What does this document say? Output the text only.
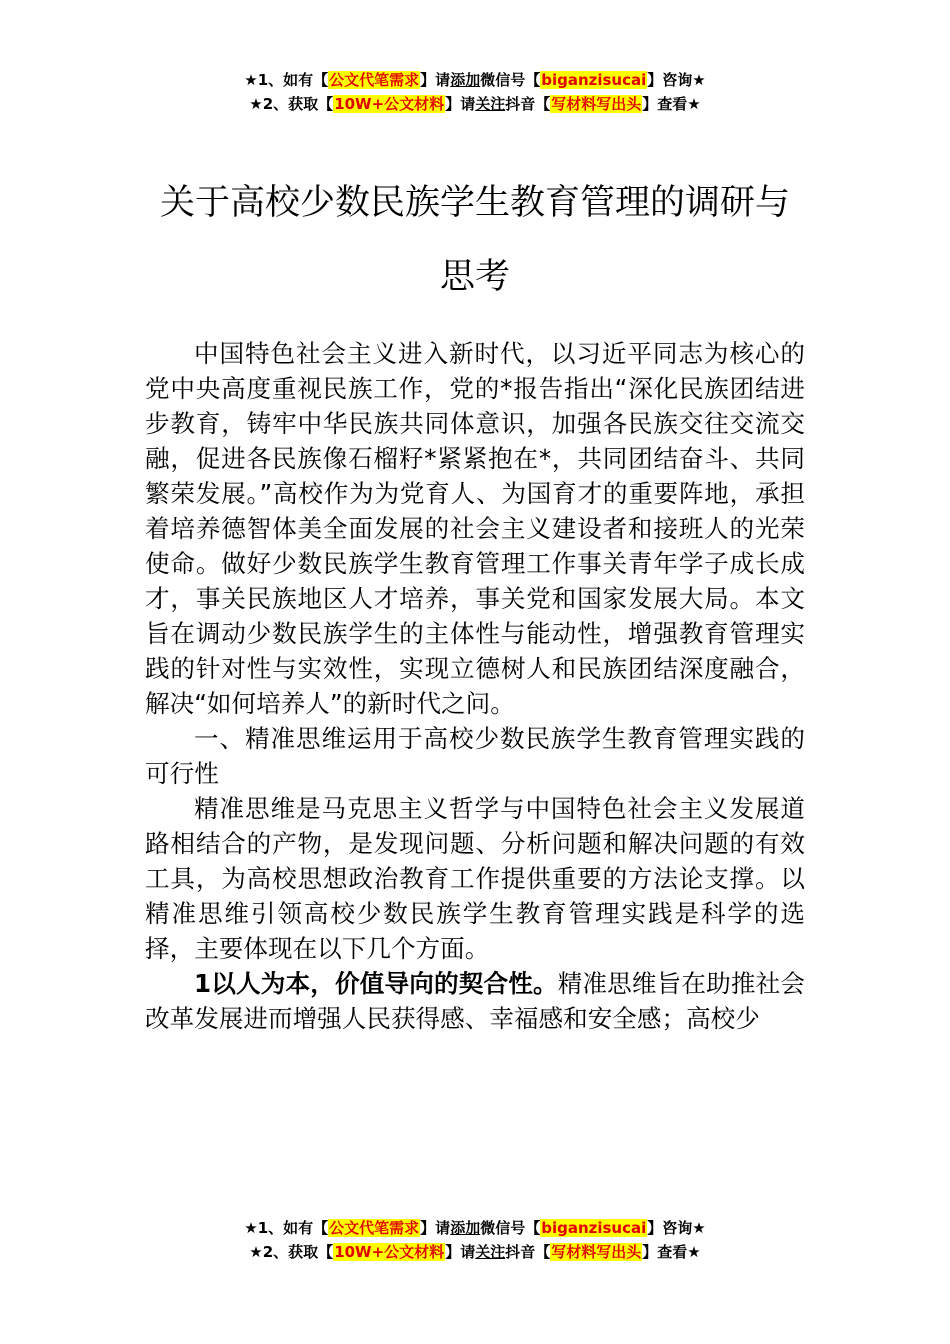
★1、如有【公文代笔需求】请添加微信号【biganzisucai】咨询★
★2、获取【10W+公文材料】请关注抖音【写材料写出头】查看★
关于高校少数民族学生教育管理的调研与思考

中国特色社会主义进入新时代，以习近平同志为核心的党中央高度重视民族工作，党的*报告指出“深化民族团结进步教育，铸牢中华民族共同体意识，加强各民族交往交流交融，促进各民族像石榴籽*紧紧抱在*，共同团结奋斗、共同繁荣发展。”高校作为为党育人、为国育才的重要阵地，承担着培养德智体美全面发展的社会主义建设者和接班人的光荣使命。做好少数民族学生教育管理工作事关青年学子成长成才，事关民族地区人才培养，事关党和国家发展大局。本文旨在调动少数民族学生的主体性与能动性，增强教育管理实践的针对性与实效性，实现立德树人和民族团结深度融合，解决“如何培养人”的新时代之问。

一、精准思维运用于高校少数民族学生教育管理实践的可行性

精准思维是马克思主义哲学与中国特色社会主义发展道路相结合的产物，是发现问题、分析问题和解决问题的有效工具，为高校思想政治教育工作提供重要的方法论支撑。以精准思维引领高校少数民族学生教育管理实践是科学的选择，主要体现在以下几个方面。

1以人为本，价值导向的契合性。精准思维旨在助推社会改革发展进而增强人民获得感、幸福感和安全感；高校少

★1、如有【公文代笔需求】请添加微信号【biganzisucai】咨询★
★2、获取【10W+公文材料】请关注抖音【写材料写出头】查看★
